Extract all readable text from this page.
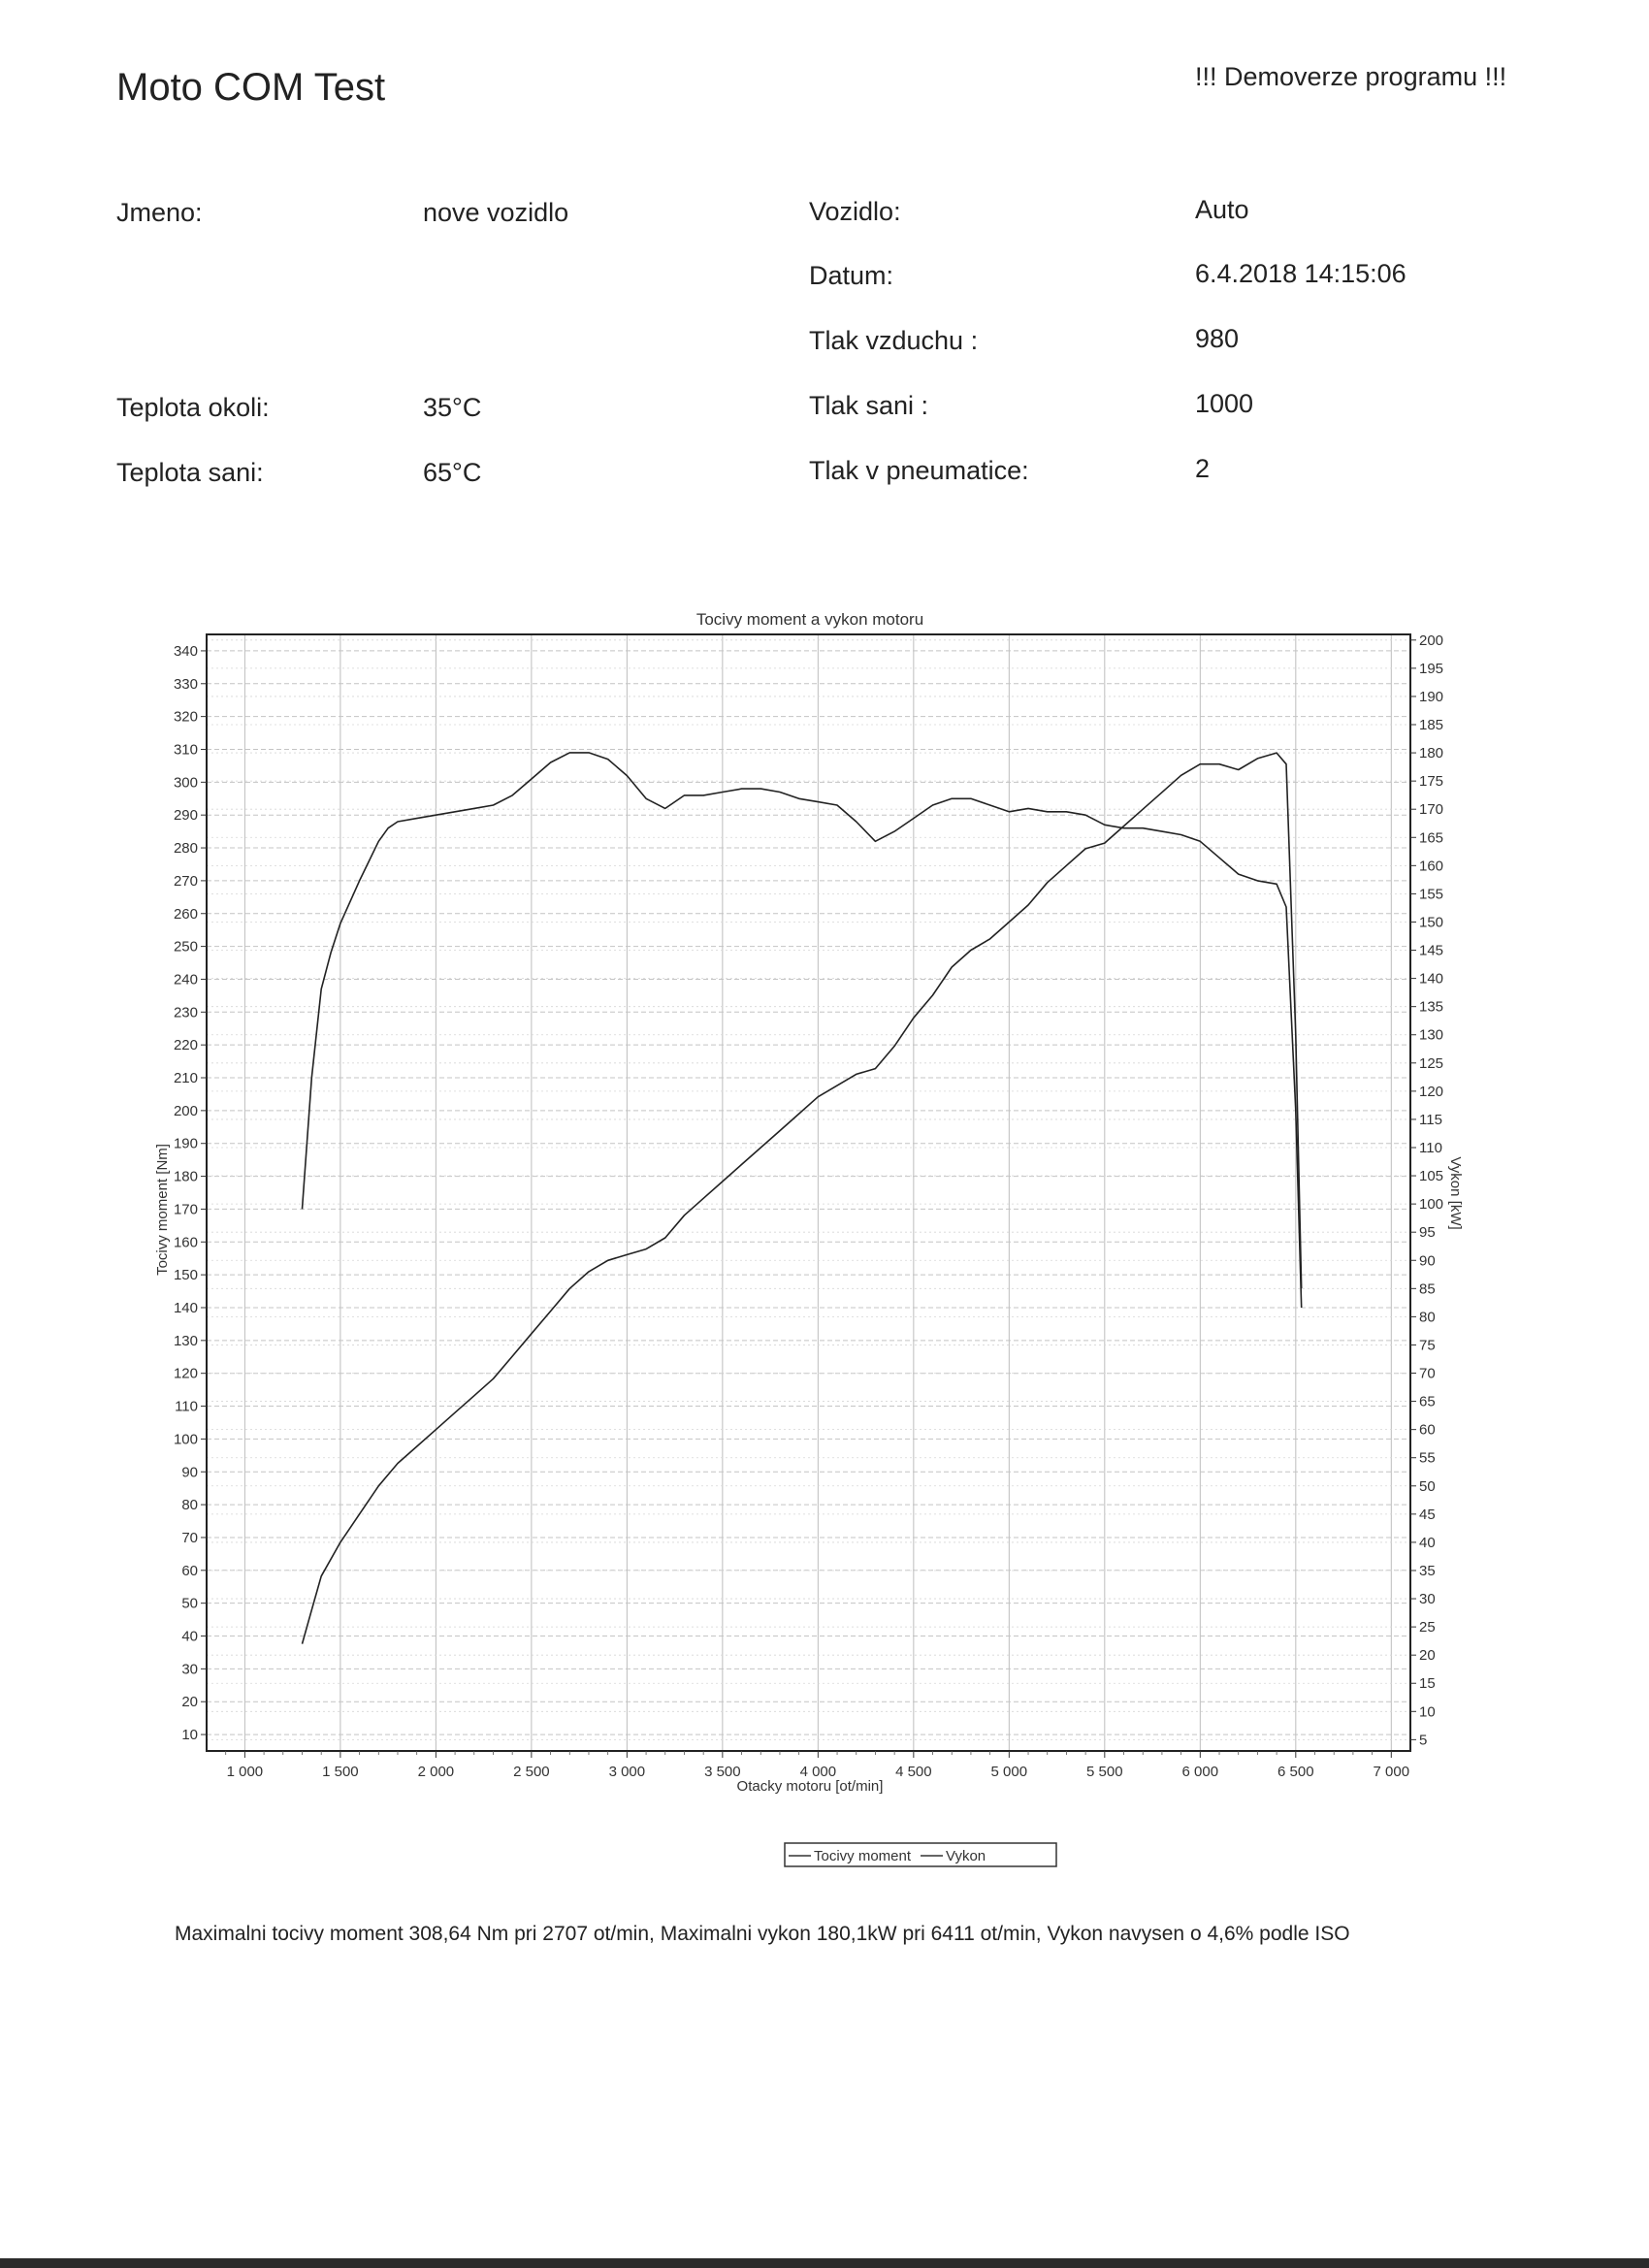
Moto COM Test	!!! Demoverze programu !!!
Jmeno:	nove vozidlo
Teplota okoli:	35°C
Teplota sani:	65°C
Vozidlo:	Auto
Datum:	6.4.2018 14:15:06
Tlak vzduchu :	980
Tlak sani :	1000
Tlak v pneumatice:	2
Tocivy moment a vykon motoru
1 000	1 500	2 000	2 500	3 000	3 500	4 000	4 500	5 000	5 500	6 000	6 500	7 000
10
20
30
40
50
60
70
80
90
100
110
120
130
140
150
160
170
180
190
200
210
220
230
240
250
260
270
280
290
300
310
320
330
340
5
10
15
20
25
30
35
40
45
50
55
60
65
70
75
80
85
90
95
100
105
110
115
120
125
130
135
140
145
150
155
160
165
170
175
180
185
190
195
200
Otacky motoru [ot/min]
Tocivy moment [Nm]	Vykon [kW]
Tocivy moment Vykon
Maximalni tocivy moment 308,64 Nm pri 2707 ot/min, Maximalni vykon 180,1kW pri 6411 ot/min, Vykon navysen o 4,6% podle ISO
